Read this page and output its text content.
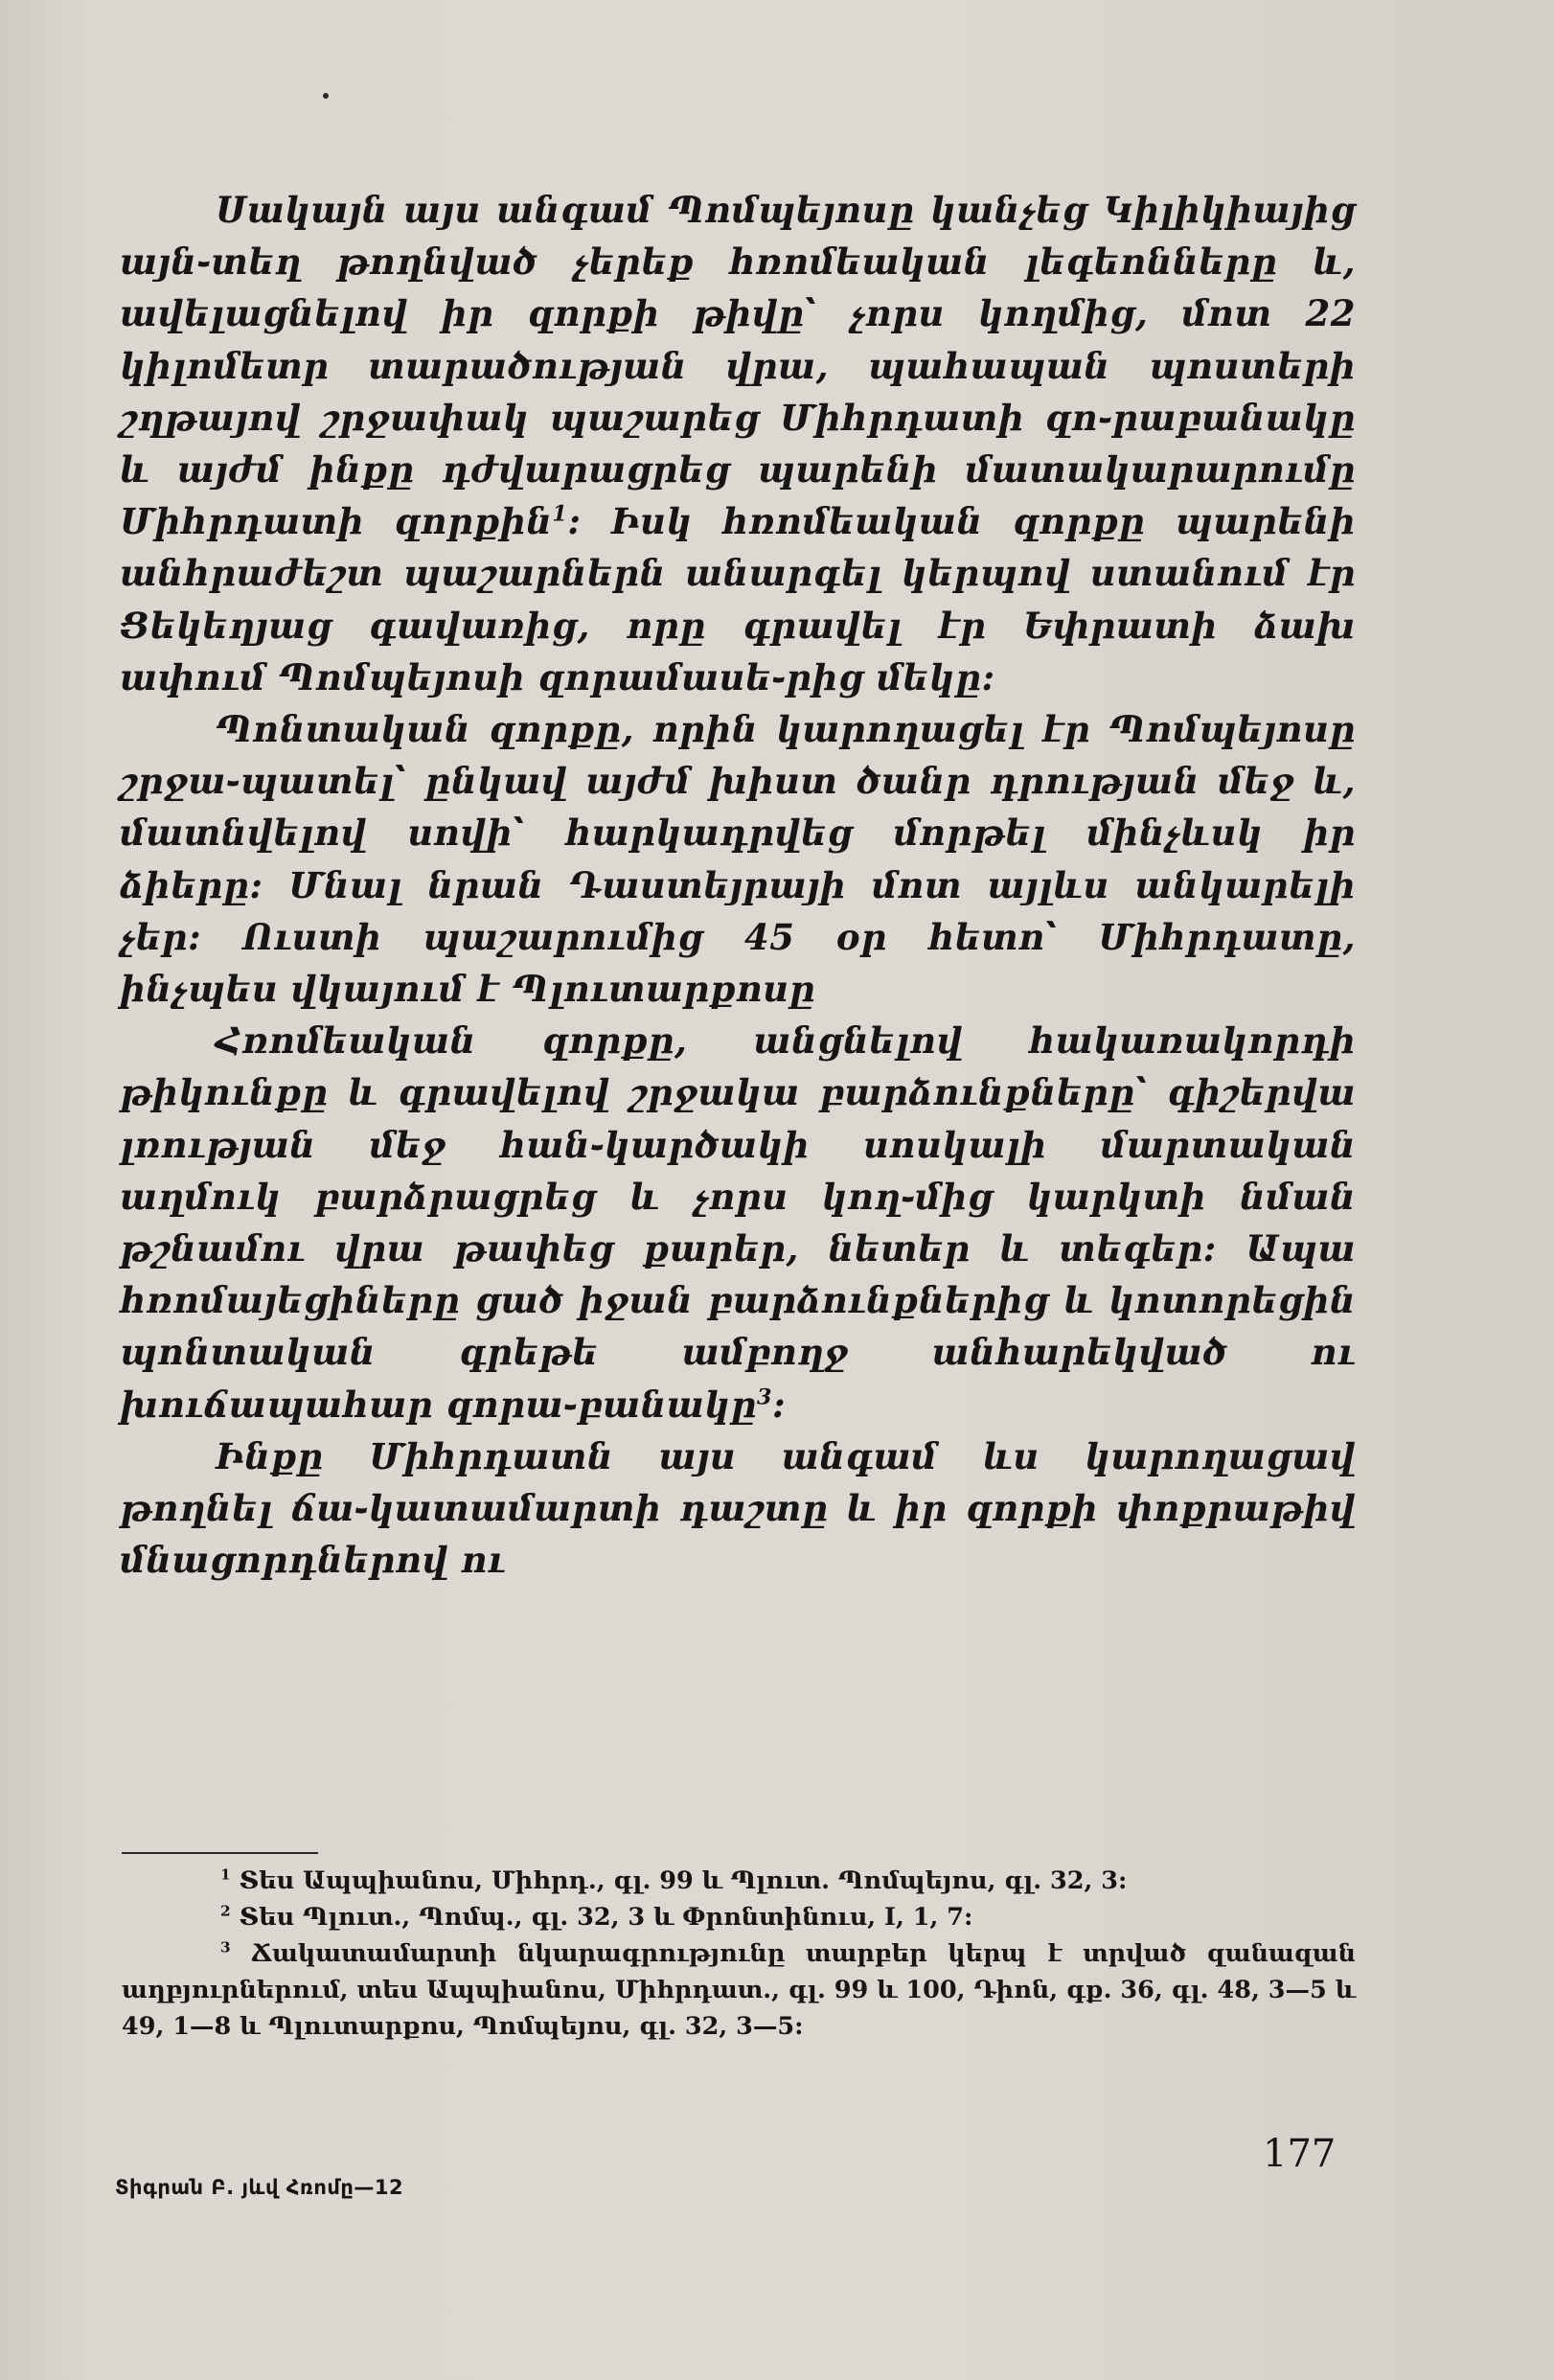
Սակայն այս անգամ Պոմպեյոսը կանչեց Կիլիկիայից այն֊տեղ թողնված չերեք հռոմեական լեգեոնները և, ավելացնելով իր զորքի թիվը՝ չորս կողմից, մոտ 22 կիլոմետր տարածության վրա, պահապան պոստերի շղթայով շրջափակ պաշարեց Միհրդատի զո֊րաբանակը և այժմ ինքը դժվարացրեց պարենի մատակարարումը Միհրդատի զորքին$^1$: Իսկ հռոմեական զորքը պարենի անհրաժեշտ պաշարներն անարգել կերպով ստանում էր Ցեկեղյաց գավառից, որը գրավել էր Եփրատի ձախ ափում Պոմպեյոսի զորամասե֊րից մեկը:

Պոնտական զորքը, որին կարողացել էր Պոմպեյոսը շրջա֊պատել՝ ընկավ այժմ խիստ ծանր դրության մեջ և, մատնվելով սովի՝ հարկադրվեց մորթել մինչևսկ իր ձիերը: Մնալ նրան Դաստեյրայի մոտ այլևս անկարելի չեր: Ուստի պաշարումից 45 օր հետո՝ Միհրդատը, ինչպես վկայում է Պլուտարքոսը

Հռոմեական զորքը, անցնելով հակառակորդի թիկունքը և գրավելով շրջակա բարձունքները՝ գիշերվա լռության մեջ հան֊կարծակի սոսկալի մարտական աղմուկ բարձրացրեց և չորս կող֊մից կարկտի նման թշնամու վրա թափեց քարեր, նետեր և տեգեր: Ապա հռոմայեցիները ցած իջան բարձունքներից և կոտորեցին պոնտական գրեթե ամբողջ անհարեկված ու խուճապահար զորա֊բանակը$^3$:

Ինքը Միհրդատն այս անգամ ևս կարողացավ թողնել ճա֊կատամարտի դաշտը և իր զորքի փոքրաթիվ մնացորդներով ու

$^1$ Տես Ապպիանոս, Միհրդ., գլ. 99 և Պլուտ. Պոմպեյոս, գլ. 32, 3:

$^2$ Տես Պլուտ., Պոմպ., գլ. 32, 3 և Փրոնտինուս, I, 1, 7:

$^3$ Ճակատամարտի նկարագրությունը տարբեր կերպ է տրված զանազան աղբյուրներում, տես Ապպիանոս, Միհրդատ., գլ. 99 և 100, Դիոն, գք. 36, գլ. 48, 3—5 և 49, 1—8 և Պլուտարքոս, Պոմպեյոս, գլ. 32, 3—5:

177
Տիգրան Բ. յևվ Հռոմը—12
